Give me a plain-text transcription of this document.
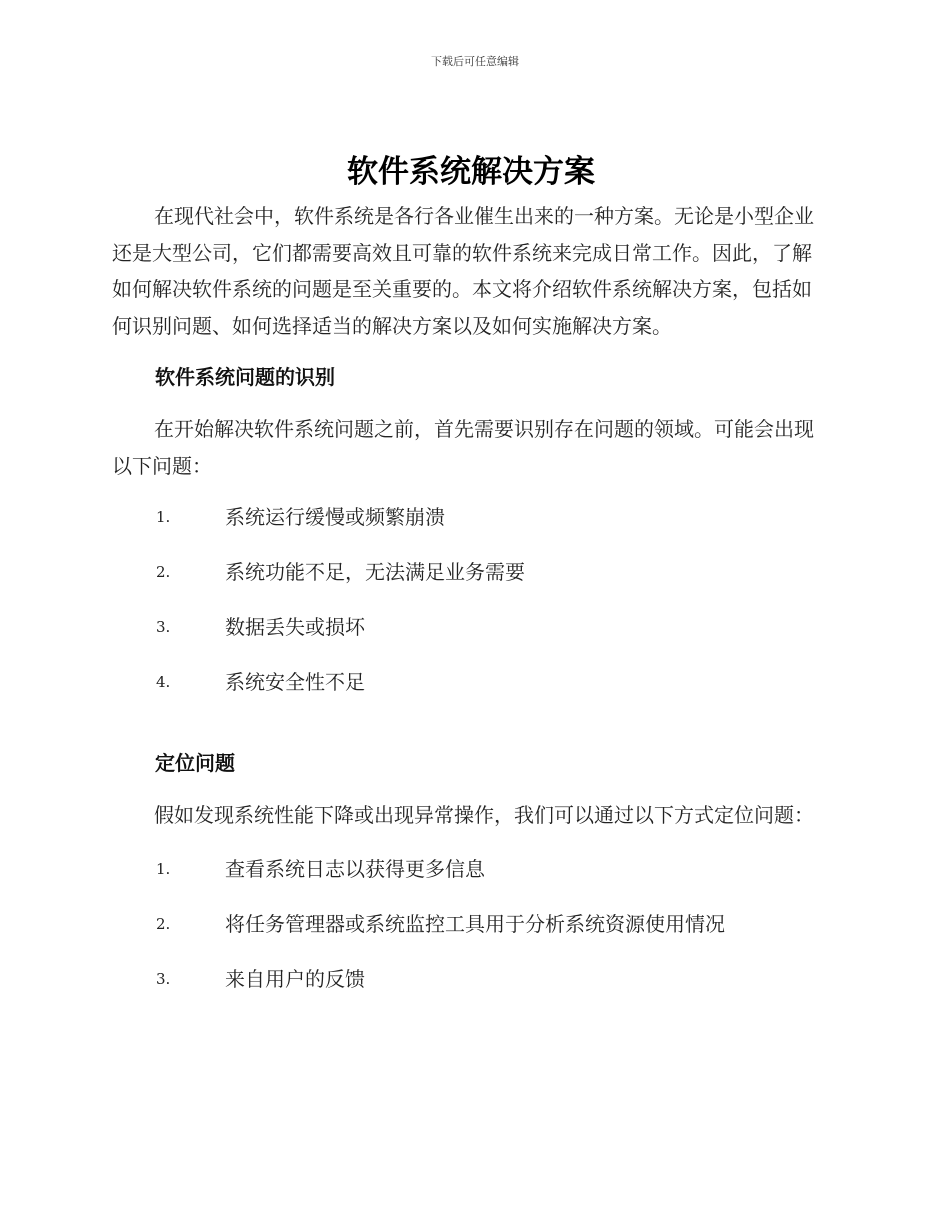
下载后可任意编辑
软件系统解决方案

在现代社会中，软件系统是各行各业催生出来的一种方案。无论是小型企业还是大型公司，它们都需要高效且可靠的软件系统来完成日常工作。因此，了解如何解决软件系统的问题是至关重要的。本文将介绍软件系统解决方案，包括如何识别问题、如何选择适当的解决方案以及如何实施解决方案。

软件系统问题的识别

在开始解决软件系统问题之前，首先需要识别存在问题的领域。可能会出现以下问题：

1.	系统运行缓慢或频繁崩溃
2.	系统功能不足，无法满足业务需要
3.	数据丢失或损坏
4.	系统安全性不足
定位问题

假如发现系统性能下降或出现异常操作，我们可以通过以下方式定位问题：

1.	查看系统日志以获得更多信息
2.	将任务管理器或系统监控工具用于分析系统资源使用情况
3.	来自用户的反馈
